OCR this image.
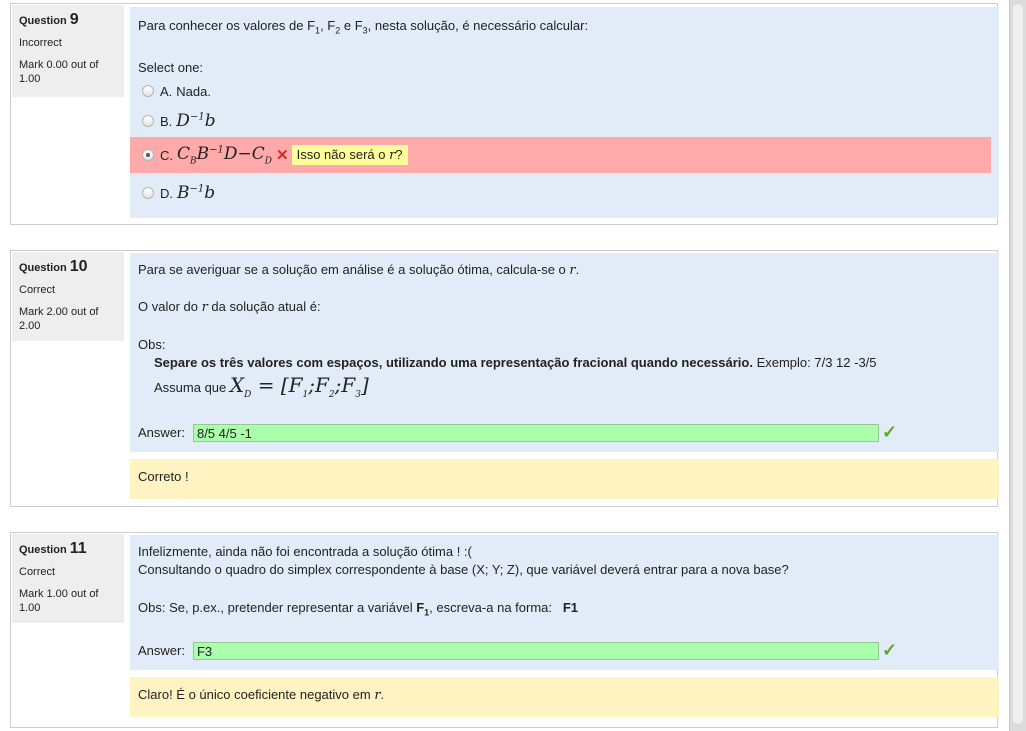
Question 9
Incorrect
Mark 0.00 out of 1.00
Para conhecer os valores de $F_1$, $F_2$ e $F_3$, nesta solução, é necessário calcular:
Select one:
A. Nada.
B. $D^{-1}b$
C. $C_BB^{-1}D-C_D$ ✕ Isso não será o r?
D. $B^{-1}b$
Question 10
Correct
Mark 2.00 out of 2.00
Para se averiguar se a solução em análise é a solução ótima, calcula-se o r.
O valor do r da solução atual é:
Obs:
Separe os três valores com espaços, utilizando uma representação fracional quando necessário. Exemplo: 7/3 12 -3/5
Assuma que $X_D$ = $[F_1;F_2;F_3]$
Answer: 8/5 4/5 -1	✓
Correto !
Question 11
Correct
Mark 1.00 out of 1.00
Infelizmente, ainda não foi encontrada a solução ótima ! :(
Consultando o quadro do simplex correspondente à base (X; Y; Z), que variável deverá entrar para a nova base?
Obs: Se, p.ex., pretender representar a variável $F_1$, escreva-a na forma:   F1
Answer: F3	✓
Claro! É o único coeficiente negativo em r.
